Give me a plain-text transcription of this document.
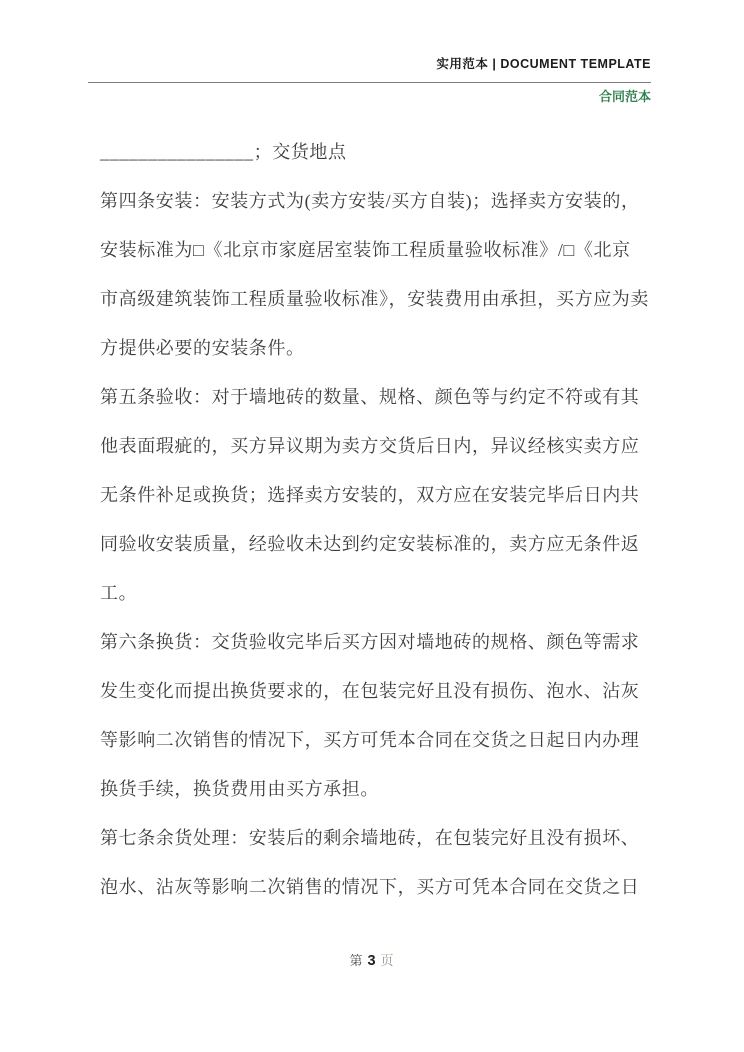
实用范本 | DOCUMENT TEMPLATE
合同范本
________________；交货地点
第四条安装：安装方式为(卖方安装/买方自装)；选择卖方安装的，
安装标准为□《北京市家庭居室装饰工程质量验收标准》/□《北京
市高级建筑装饰工程质量验收标准》，安装费用由承担，买方应为卖
方提供必要的安装条件。
第五条验收：对于墙地砖的数量、规格、颜色等与约定不符或有其
他表面瑕疵的，买方异议期为卖方交货后日内，异议经核实卖方应
无条件补足或换货；选择卖方安装的，双方应在安装完毕后日内共
同验收安装质量，经验收未达到约定安装标准的，卖方应无条件返
工。
第六条换货：交货验收完毕后买方因对墙地砖的规格、颜色等需求
发生变化而提出换货要求的，在包装完好且没有损伤、泡水、沾灰
等影响二次销售的情况下，买方可凭本合同在交货之日起日内办理
换货手续，换货费用由买方承担。
第七条余货处理：安装后的剩余墙地砖，在包装完好且没有损坏、
泡水、沾灰等影响二次销售的情况下，买方可凭本合同在交货之日
第 3 页
